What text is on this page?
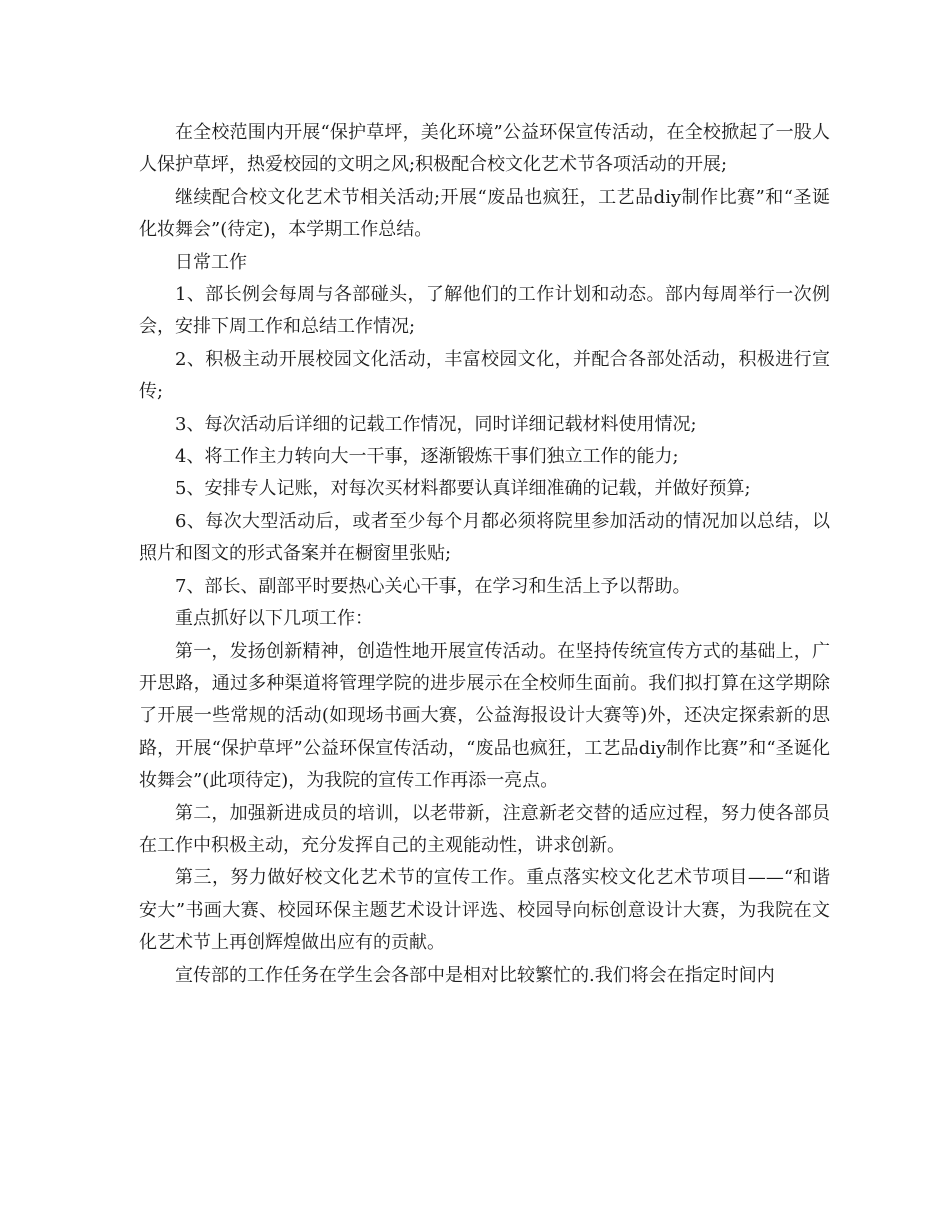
在全校范围内开展“保护草坪，美化环境”公益环保宣传活动，在全校掀起了一股人人保护草坪，热爱校园的文明之风;积极配合校文化艺术节各项活动的开展;

继续配合校文化艺术节相关活动;开展“废品也疯狂，工艺品diy制作比赛”和“圣诞化妆舞会”(待定)，本学期工作总结。

日常工作

1、部长例会每周与各部碰头，了解他们的工作计划和动态。部内每周举行一次例会，安排下周工作和总结工作情况;

2、积极主动开展校园文化活动，丰富校园文化，并配合各部处活动，积极进行宣传;

3、每次活动后详细的记载工作情况，同时详细记载材料使用情况;

4、将工作主力转向大一干事，逐渐锻炼干事们独立工作的能力;

5、安排专人记账，对每次买材料都要认真详细准确的记载，并做好预算;

6、每次大型活动后，或者至少每个月都必须将院里参加活动的情况加以总结，以照片和图文的形式备案并在橱窗里张贴;

7、部长、副部平时要热心关心干事，在学习和生活上予以帮助。

重点抓好以下几项工作：

第一，发扬创新精神，创造性地开展宣传活动。在坚持传统宣传方式的基础上，广开思路，通过多种渠道将管理学院的进步展示在全校师生面前。我们拟打算在这学期除了开展一些常规的活动(如现场书画大赛，公益海报设计大赛等)外，还决定探索新的思路，开展“保护草坪”公益环保宣传活动，“废品也疯狂，工艺品diy制作比赛”和“圣诞化妆舞会”(此项待定)，为我院的宣传工作再添一亮点。

第二，加强新进成员的培训，以老带新，注意新老交替的适应过程，努力使各部员在工作中积极主动，充分发挥自己的主观能动性，讲求创新。

第三，努力做好校文化艺术节的宣传工作。重点落实校文化艺术节项目——“和谐安大”书画大赛、校园环保主题艺术设计评选、校园导向标创意设计大赛，为我院在文化艺术节上再创辉煌做出应有的贡献。

宣传部的工作任务在学生会各部中是相对比较繁忙的.我们将会在指定时间内
